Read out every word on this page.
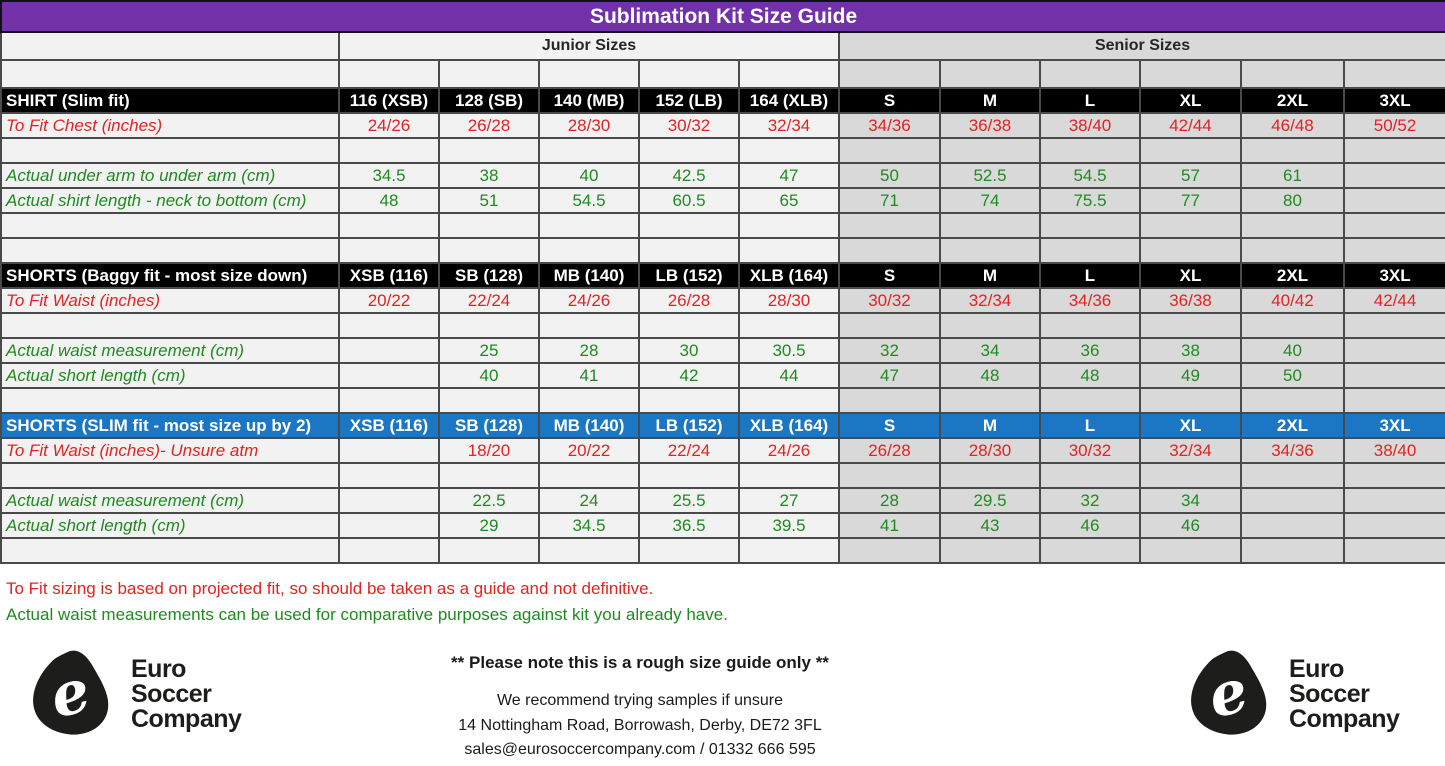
Sublimation Kit Size Guide											
	Junior Sizes					Senior Sizes					

SHIRT (Slim fit)	116 (XSB)	128 (SB)	140 (MB)	152 (LB)	164 (XLB)	S	M	L	XL	2XL	3XL
To Fit Chest (inches)	24/26	26/28	28/30	30/32	32/34	34/36	36/38	38/40	42/44	46/48	50/52

Actual under arm to under arm (cm)	34.5	38	40	42.5	47	50	52.5	54.5	57	61	
Actual shirt length - neck to bottom (cm)	48	51	54.5	60.5	65	71	74	75.5	77	80	

SHORTS (Baggy fit - most size down)	XSB (116)	SB (128)	MB (140)	LB (152)	XLB (164)	S	M	L	XL	2XL	3XL
To Fit Waist (inches)	20/22	22/24	24/26	26/28	28/30	30/32	32/34	34/36	36/38	40/42	42/44

Actual waist measurement (cm)		25	28	30	30.5	32	34	36	38	40	
Actual short length (cm)		40	41	42	44	47	48	48	49	50	

SHORTS (SLIM fit - most size up by 2)	XSB (116)	SB (128)	MB (140)	LB (152)	XLB (164)	S	M	L	XL	2XL	3XL
To Fit Waist (inches)- Unsure atm		18/20	20/22	22/24	24/26	26/28	28/30	30/32	32/34	34/36	38/40

Actual waist measurement (cm)		22.5	24	25.5	27	28	29.5	32	34		
Actual short length (cm)		29	34.5	36.5	39.5	41	43	46	46		

To Fit sizing is based on projected fit, so should be taken as a guide and not definitive.
Actual waist measurements can be used for comparative purposes against kit you already have.
e Euro
Soccer
Company
** Please note this is a rough size guide only **
We recommend trying samples if unsure
14 Nottingham Road, Borrowash, Derby, DE72 3FL
sales@eurosoccercompany.com / 01332 666 595
e Euro
Soccer
Company
